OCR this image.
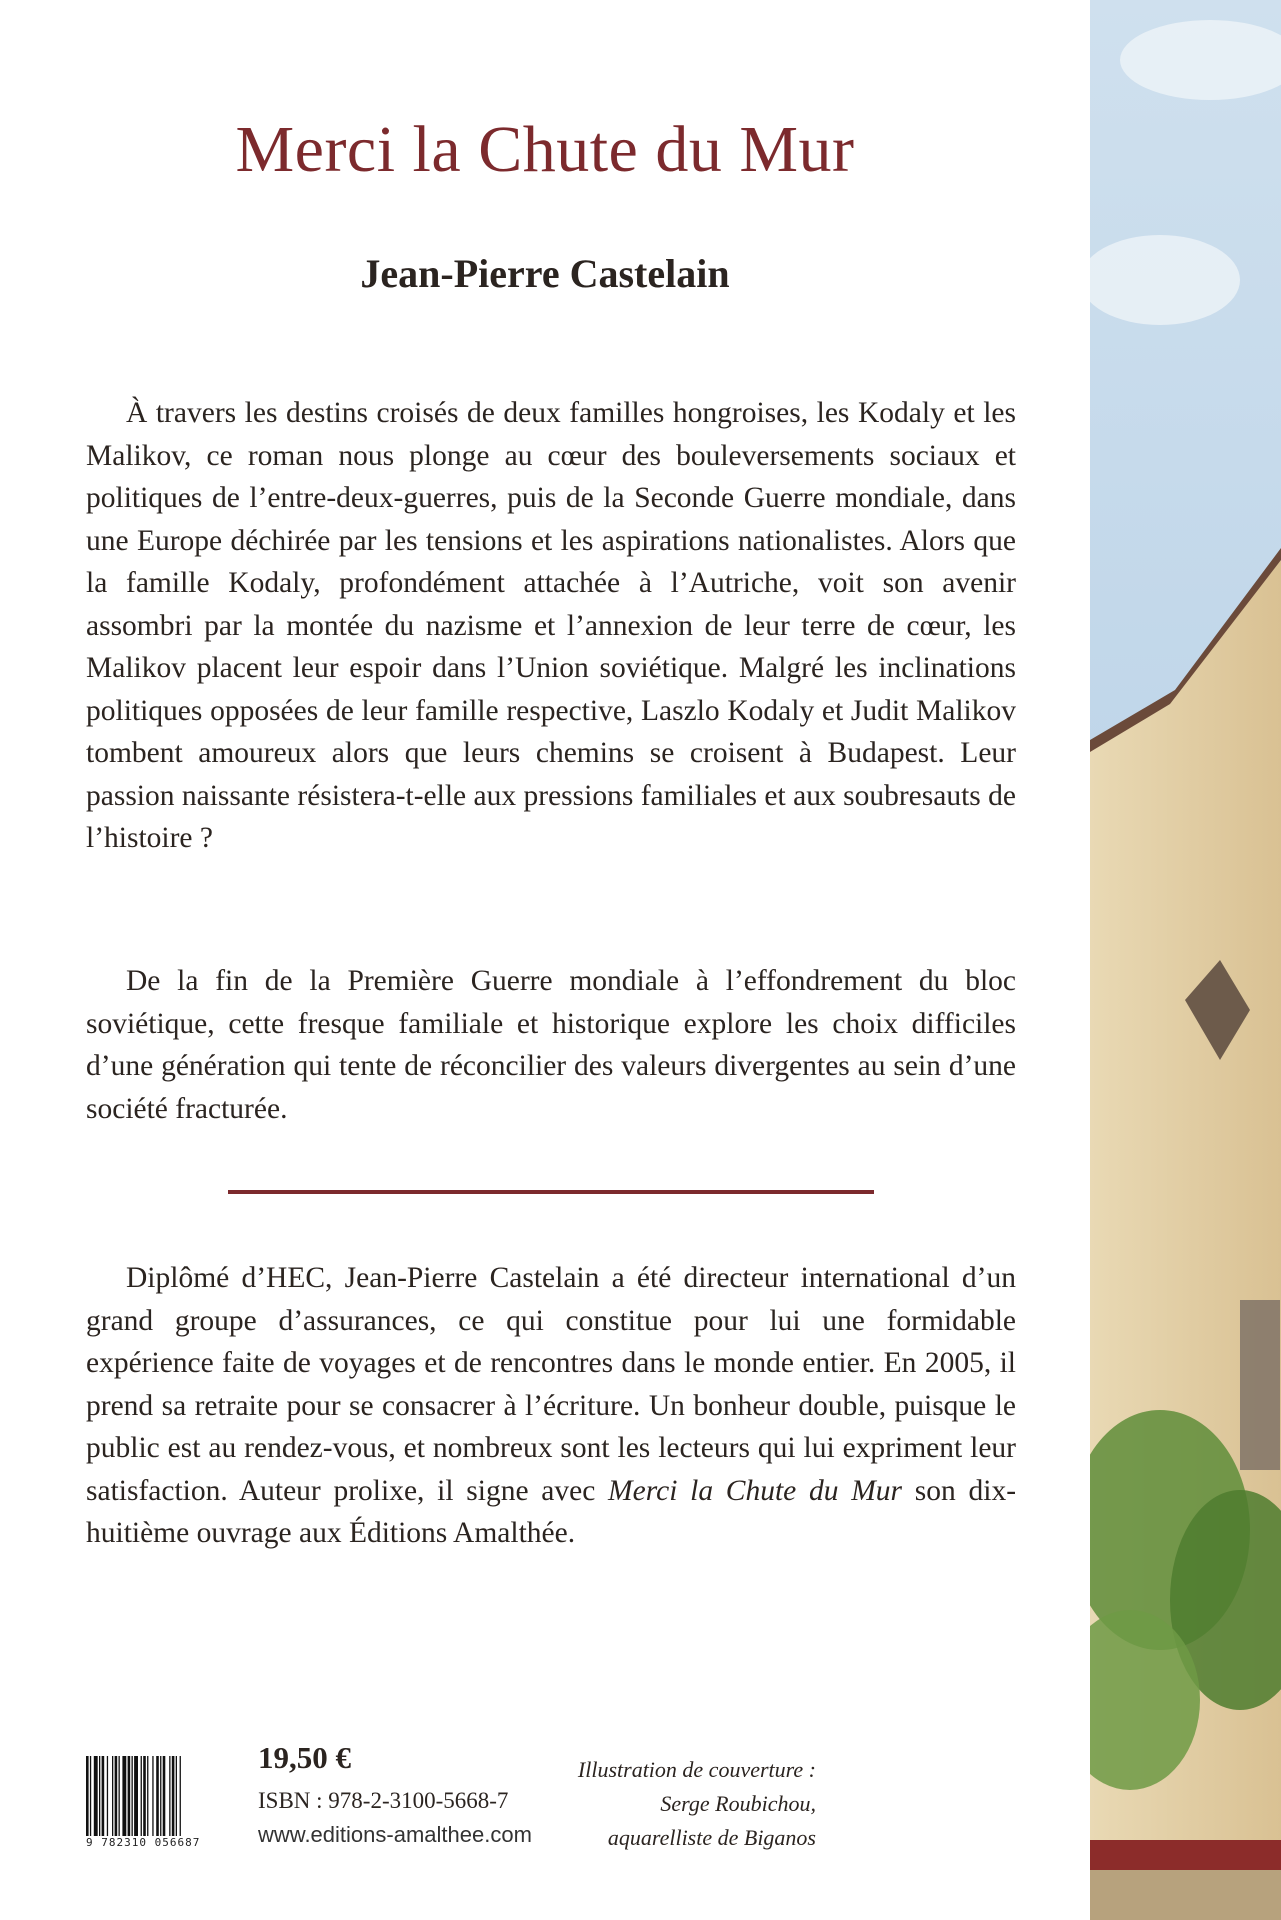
Merci la Chute du Mur
Jean-Pierre Castelain

À travers les destins croisés de deux familles hongroises, les Kodaly et les Malikov, ce roman nous plonge au cœur des bouleversements sociaux et politiques de l’entre-deux-guerres, puis de la Seconde Guerre mondiale, dans une Europe déchirée par les tensions et les aspirations nationalistes. Alors que la famille Kodaly, profondément attachée à l’Autriche, voit son avenir assombri par la montée du nazisme et l’annexion de leur terre de cœur, les Malikov placent leur espoir dans l’Union soviétique. Malgré les inclinations politiques opposées de leur famille respective, Laszlo Kodaly et Judit Malikov tombent amoureux alors que leurs chemins se croisent à Budapest. Leur passion naissante résistera-t-elle aux pressions familiales et aux soubresauts de l’histoire ?

De la fin de la Première Guerre mondiale à l’effondrement du bloc soviétique, cette fresque familiale et historique explore les choix difficiles d’une génération qui tente de réconcilier des valeurs divergentes au sein d’une société fracturée.

Diplômé d’HEC, Jean-Pierre Castelain a été directeur international d’un grand groupe d’assurances, ce qui constitue pour lui une formidable expérience faite de voyages et de rencontres dans le monde entier. En 2005, il prend sa retraite pour se consacrer à l’écriture. Un bonheur double, puisque le public est au rendez-vous, et nombreux sont les lecteurs qui lui expriment leur satisfaction. Auteur prolixe, il signe avec Merci la Chute du Mur son dix-huitième ouvrage aux Éditions Amalthée.

9 782310 056687
19,50 €
ISBN : 978-2-3100-5668-7
www.editions-amalthee.com
Illustration de couverture :
Serge Roubichou,
aquarelliste de Biganos
